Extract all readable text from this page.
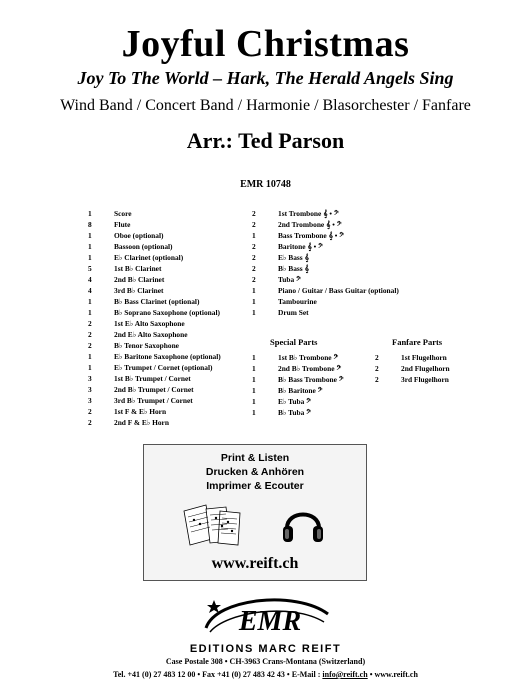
Joyful Christmas
Joy To The World – Hark, The Herald Angels Sing
Wind Band / Concert Band / Harmonie / Blasorchester / Fanfare
Arr.: Ted Parson
EMR 10748
1	Score
8	Flute
1	Oboe (optional)
1	Bassoon (optional)
1	E♭ Clarinet (optional)
5	1st B♭ Clarinet
4	2nd B♭ Clarinet
4	3rd B♭ Clarinet
1	B♭ Bass Clarinet (optional)
1	B♭ Soprano Saxophone (optional)
2	1st E♭ Alto Saxophone
2	2nd E♭ Alto Saxophone
2	B♭ Tenor Saxophone
1	E♭ Baritone Saxophone (optional)
1	E♭ Trumpet / Cornet (optional)
3	1st B♭ Trumpet / Cornet
3	2nd B♭ Trumpet / Cornet
3	3rd B♭ Trumpet / Cornet
2	1st F & E♭ Horn
2	2nd F & E♭ Horn
2	1st Trombone 𝄞 • 𝄢
2	2nd Trombone 𝄞 • 𝄢
1	Bass Trombone 𝄞 • 𝄢
2	Baritone 𝄞 • 𝄢
2	E♭ Bass 𝄞
2	B♭ Bass 𝄞
2	Tuba 𝄢
1	Piano / Guitar / Bass Guitar (optional)
1	Tambourine
1	Drum Set
Special Parts	Fanfare Parts
1	1st B♭ Trombone 𝄢
1	2nd B♭ Trombone 𝄢
1	B♭ Bass Trombone 𝄢
1	B♭ Baritone 𝄢
1	E♭ Tuba 𝄢
1	B♭ Tuba 𝄢
2	1st Flugelhorn
2	2nd Flugelhorn
2	3rd Flugelhorn
Print & Listen
Drucken & Anhören
Imprimer & Ecouter
www.reift.ch
EMR
EDITIONS MARC REIFT
Case Postale 308 • CH-3963 Crans-Montana (Switzerland)
Tel. +41 (0) 27 483 12 00 • Fax +41 (0) 27 483 42 43 • E-Mail : info@reift.ch • www.reift.ch
